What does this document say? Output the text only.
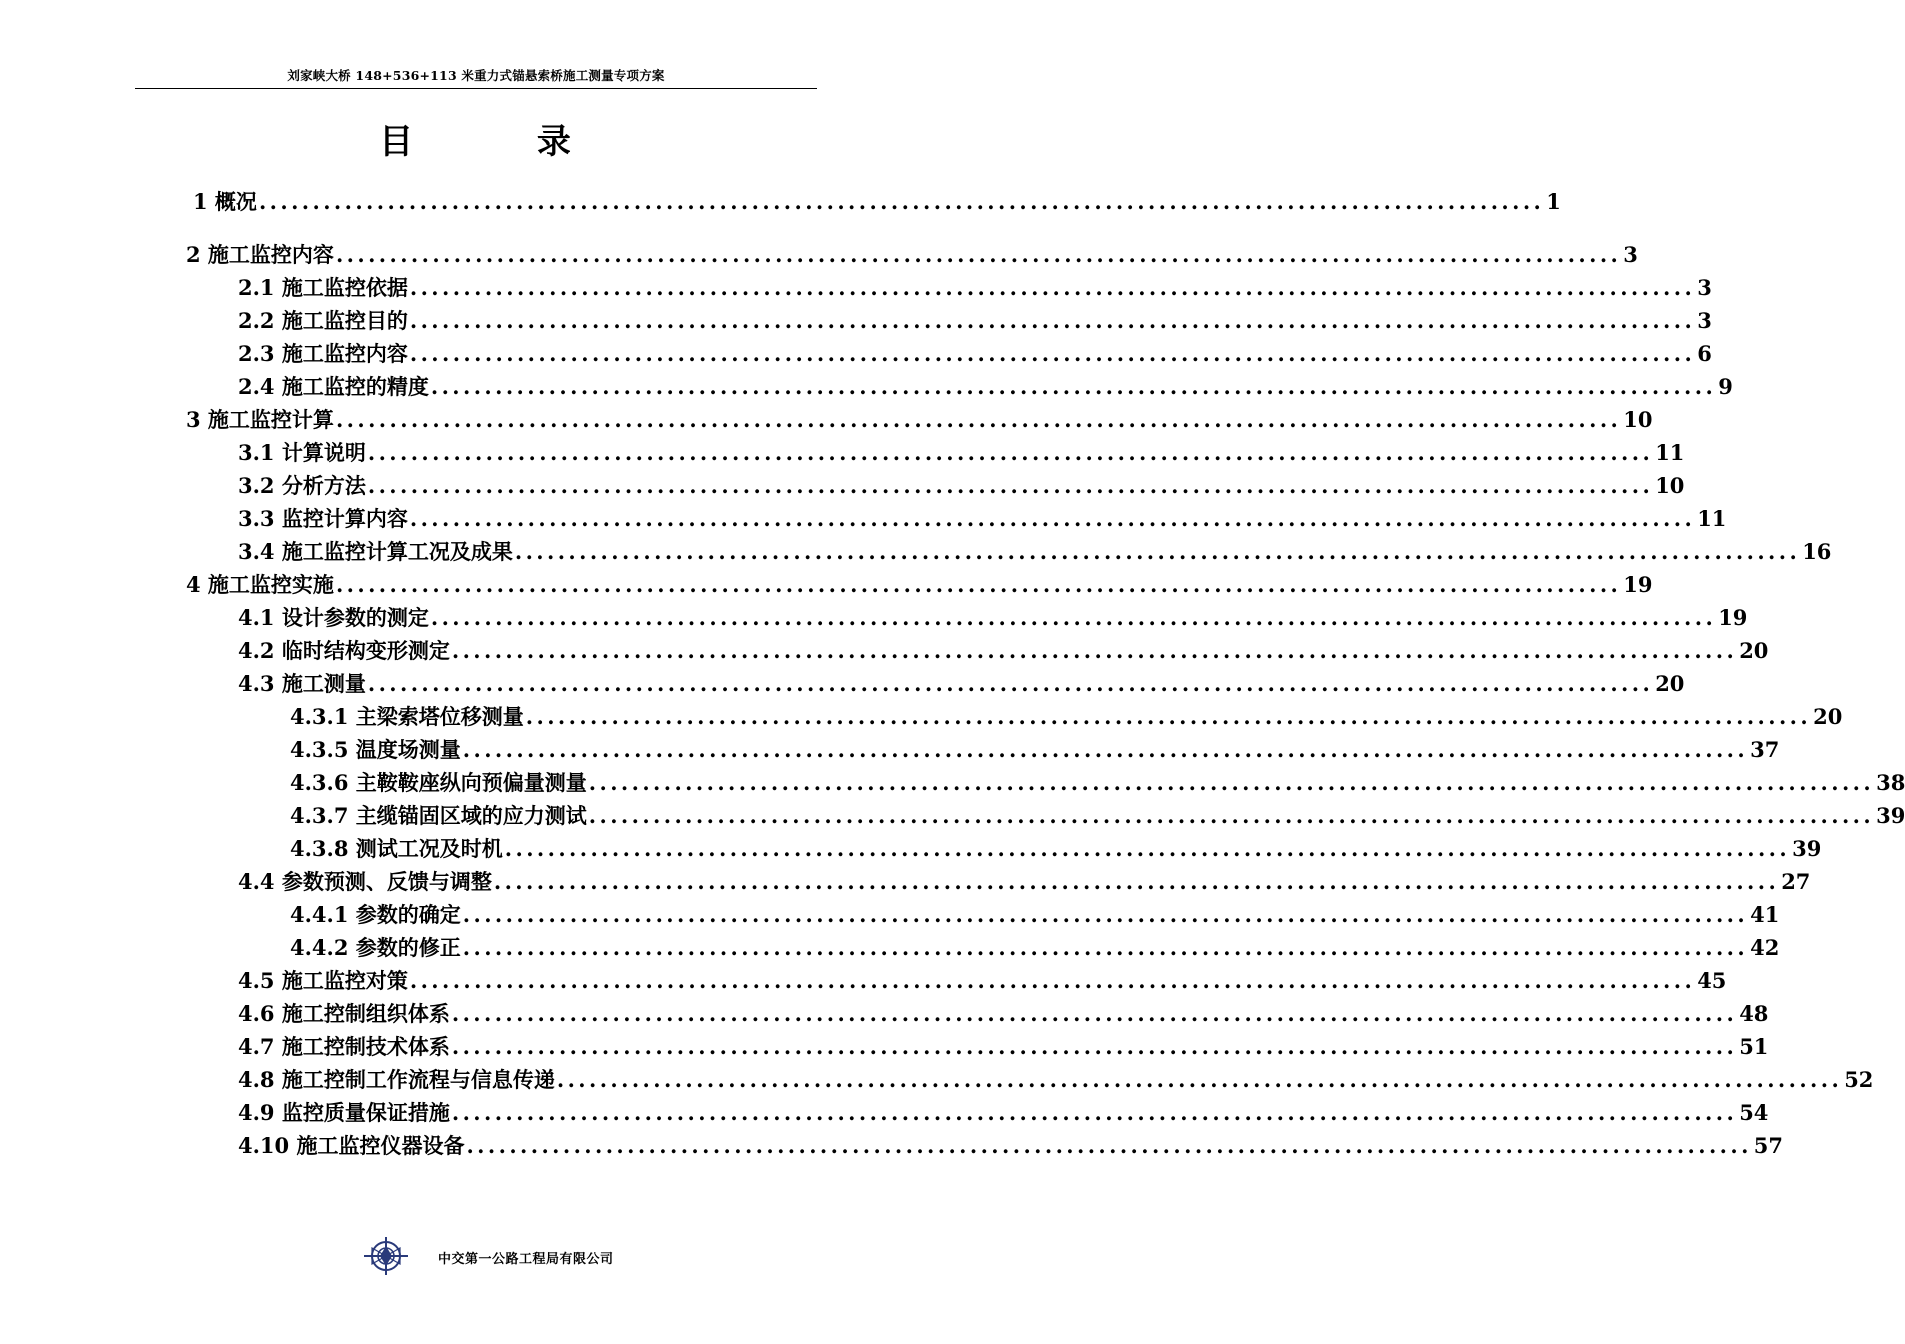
刘家峡大桥 148+536+113 米重力式锚悬索桥施工测量专项方案
目 录
1 概况 ........................................................................................................................ 1
2 施工监控内容 ........................................................................................................................ 3
2.1 施工监控依据 ........................................................................................................................ 3
2.2 施工监控目的 ........................................................................................................................ 3
2.3 施工监控内容 ........................................................................................................................ 6
2.4 施工监控的精度 ........................................................................................................................ 9
3 施工监控计算 ........................................................................................................................ 10
3.1 计算说明 ........................................................................................................................ 11
3.2 分析方法 ........................................................................................................................ 10
3.3 监控计算内容 ........................................................................................................................ 11
3.4 施工监控计算工况及成果 ........................................................................................................................ 16
4 施工监控实施 ........................................................................................................................ 19
4.1 设计参数的测定 ........................................................................................................................ 19
4.2 临时结构变形测定 ........................................................................................................................ 20
4.3 施工测量 ........................................................................................................................ 20
4.3.1 主梁索塔位移测量 ........................................................................................................................ 20
4.3.5 温度场测量 ........................................................................................................................ 37
4.3.6 主鞍鞍座纵向预偏量测量 ........................................................................................................................ 38
4.3.7 主缆锚固区域的应力测试 ........................................................................................................................ 39
4.3.8 测试工况及时机 ........................................................................................................................ 39
4.4 参数预测、反馈与调整 ........................................................................................................................ 27
4.4.1 参数的确定 ........................................................................................................................ 41
4.4.2 参数的修正 ........................................................................................................................ 42
4.5 施工监控对策 ........................................................................................................................ 45
4.6 施工控制组织体系 ........................................................................................................................ 48
4.7 施工控制技术体系 ........................................................................................................................ 51
4.8 施工控制工作流程与信息传递 ........................................................................................................................ 52
4.9 监控质量保证措施 ........................................................................................................................ 54
4.10 施工监控仪器设备 ........................................................................................................................ 57
中交第一公路工程局有限公司
